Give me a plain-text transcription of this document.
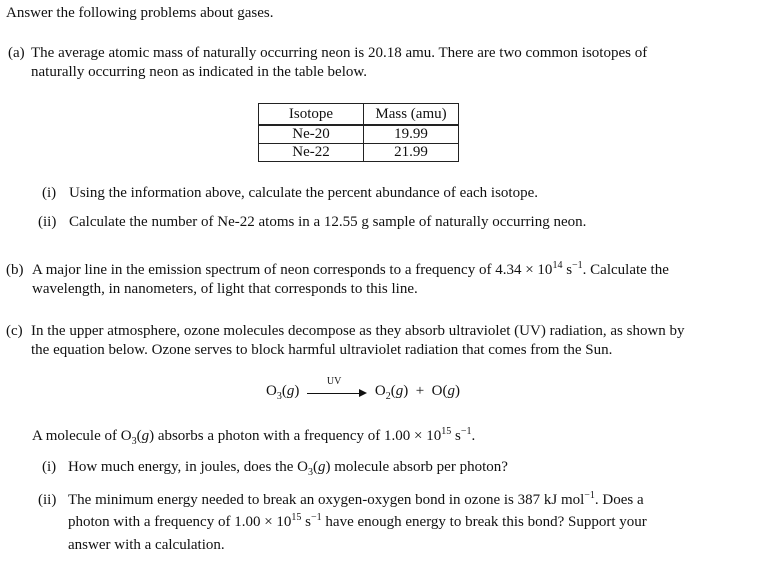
Answer the following problems about gases.
(a) The average atomic mass of naturally occurring neon is 20.18 amu. There are two common isotopes of
naturally occurring neon as indicated in the table below.
Isotope	Mass (amu)
Ne-20	19.99
Ne-22	21.99
(i) Using the information above, calculate the percent abundance of each isotope.
(ii) Calculate the number of Ne-22 atoms in a 12.55 g sample of naturally occurring neon.
(b) A major line in the emission spectrum of neon corresponds to a frequency of $4.34 \times 10^{14}$ $s^{-1}$. Calculate the
wavelength, in nanometers, of light that corresponds to this line.
(c) In the upper atmosphere, ozone molecules decompose as they absorb ultraviolet (UV) radiation, as shown by
the equation below. Ozone serves to block harmful ultraviolet radiation that comes from the Sun.
$O_3(g)$
UV
$O_2(g) + O(g)$
A molecule of $O_3(g)$ absorbs a photon with a frequency of $1.00 \times 10^{15}$ $s^{-1}$.
(i) How much energy, in joules, does the $O_3(g)$ molecule absorb per photon?
(ii) The minimum energy needed to break an oxygen-oxygen bond in ozone is 387 kJ mol$^{-1}$. Does a
photon with a frequency of $1.00 \times 10^{15}$ $s^{-1}$ have enough energy to break this bond? Support your
answer with a calculation.
